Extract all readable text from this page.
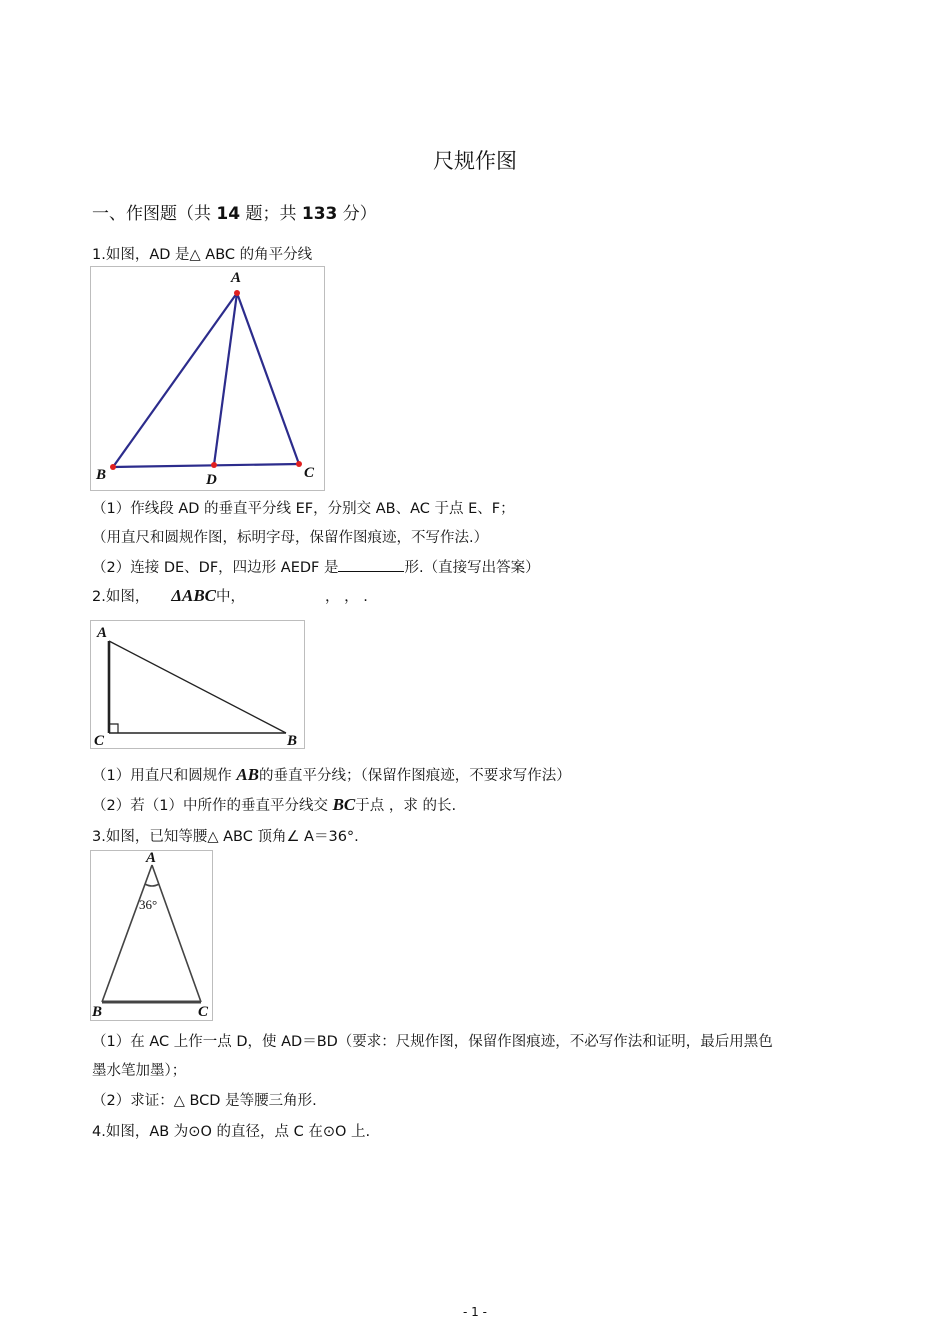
尺规作图
一、作图题（共 14 题；共 133 分）
1.如图，AD 是△ ABC 的角平分线
A
B	C
D
（1）作线段 AD 的垂直平分线 EF，分别交 AB、AC 于点 E、F；
（用直尺和圆规作图，标明字母，保留作图痕迹，不写作法.）
（2）连接 DE、DF，四边形 AEDF 是	形.（直接写出答案）
2.如图， ΔABC中，	， ， .
A
C	B
（1）用直尺和圆规作 AB的垂直平分线；（保留作图痕迹，不要求写作法）
（2）若（1）中所作的垂直平分线交 BC于点 ，求 的长.
3.如图，已知等腰△ ABC 顶角∠ A＝36°.
A
36°
B	C
（1）在 AC 上作一点 D，使 AD＝BD（要求：尺规作图，保留作图痕迹，不必写作法和证明，最后用黑色
墨水笔加墨）；
（2）求证：△ BCD 是等腰三角形.
4.如图，AB 为⊙O 的直径，点 C 在⊙O 上.
- 1 -
